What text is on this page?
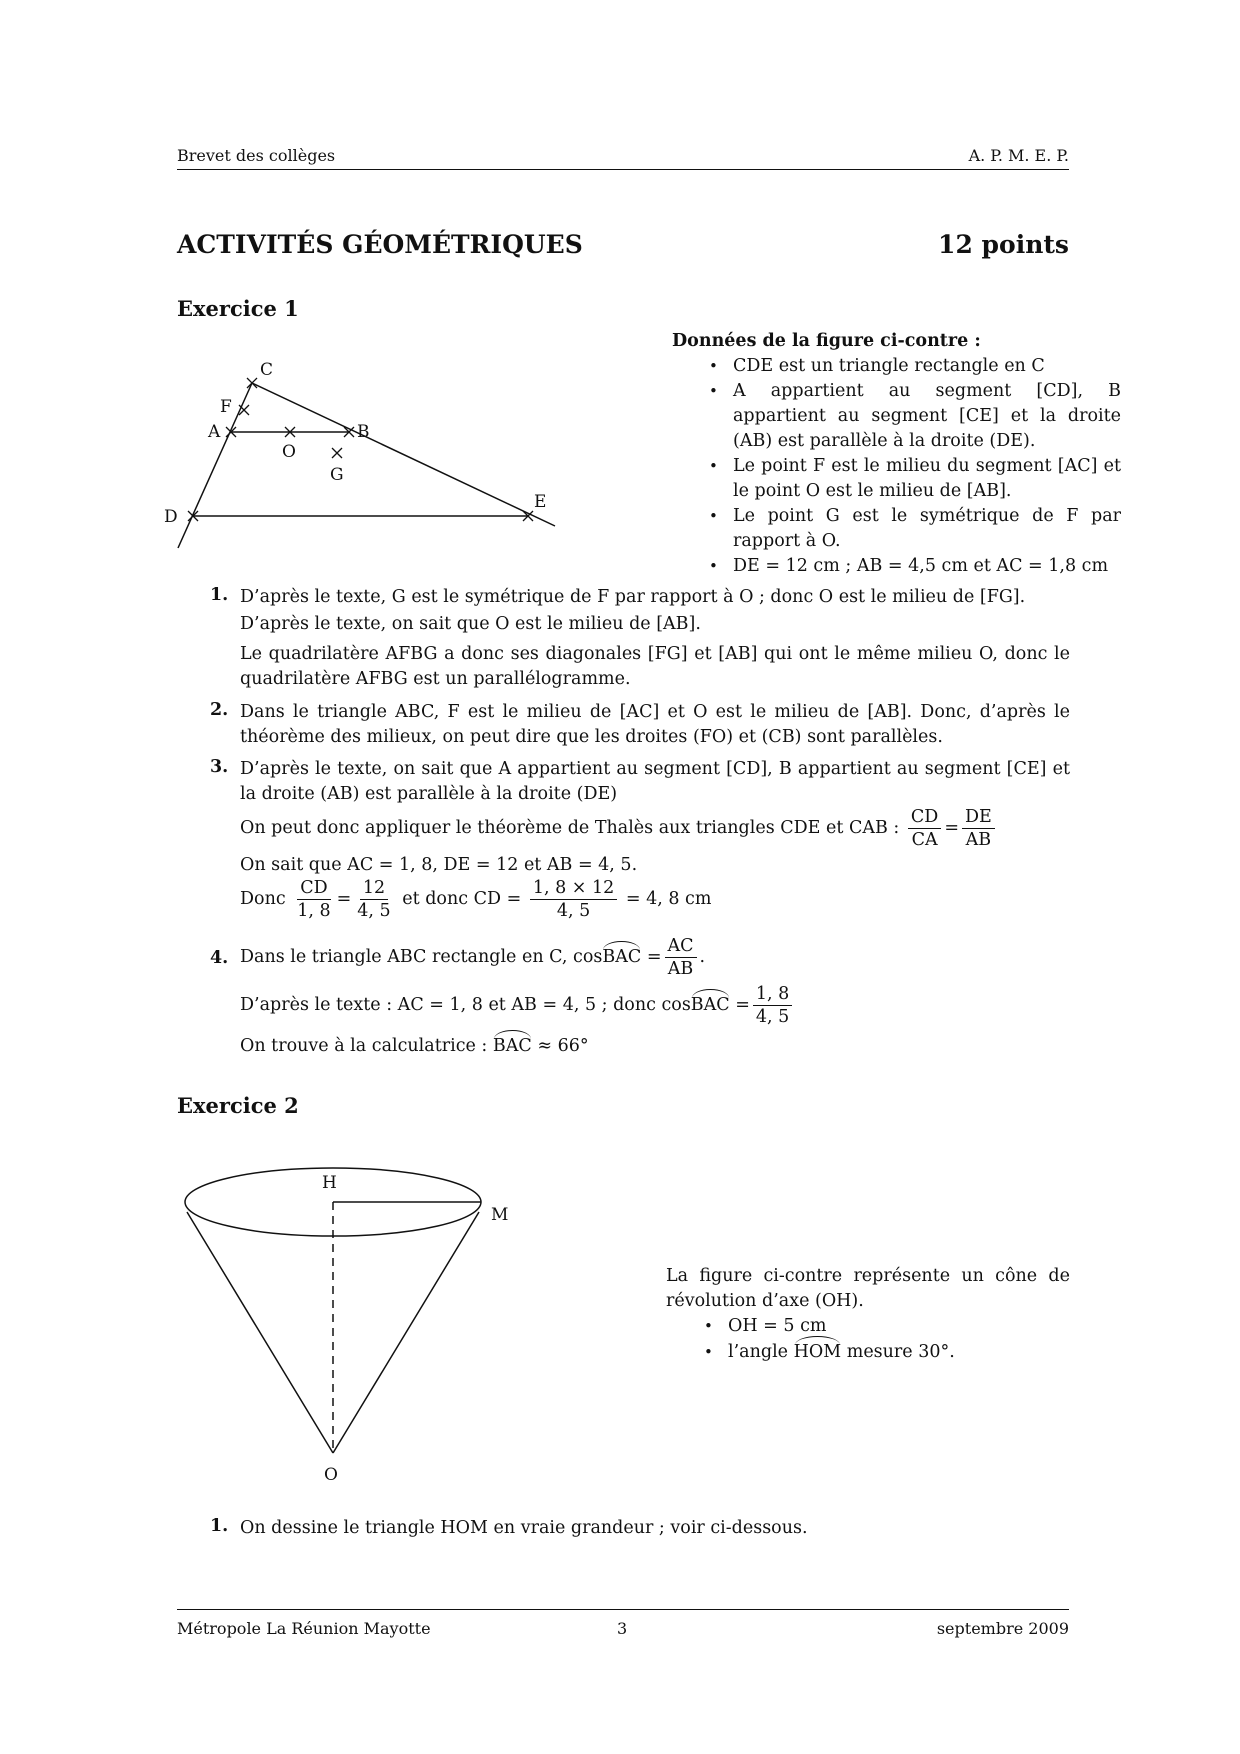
Brevet des collèges	A. P. M. E. P.
ACTIVITÉS GÉOMÉTRIQUES	12 points
Exercice 1
C
F
A
O
B
G
E
D
Données de la figure ci-contre :
• CDE est un triangle rectangle en C
• A appartient au segment [CD], B appartient au segment [CE] et la droite (AB) est parallèle à la droite (DE).
• Le point F est le milieu du segment [AC] et le point O est le milieu de [AB].
• Le point G est le symétrique de F par rapport à O.
• DE = 12 cm ; AB = 4,5 cm et AC = 1,8 cm
1. D’après le texte, G est le symétrique de F par rapport à O ; donc O est le milieu de [FG].
D’après le texte, on sait que O est le milieu de [AB].
Le quadrilatère AFBG a donc ses diagonales [FG] et [AB] qui ont le même milieu O, donc le quadrilatère AFBG est un parallélogramme.
2. Dans le triangle ABC, F est le milieu de [AC] et O est le milieu de [AB]. Donc, d’après le théorème des milieux, on peut dire que les droites (FO) et (CB) sont parallèles.
3. D’après le texte, on sait que A appartient au segment [CD], B appartient au segment [CE] et la droite (AB) est parallèle à la droite (DE)
On peut donc appliquer le théorème de Thalès aux triangles CDE et CAB : $\frac{CD}{CA} = \frac{DE}{AB}$
On sait que AC = 1, 8, DE = 12 et AB = 4, 5.
Donc $\frac{CD}{1, 8} = \frac{12}{4, 5}$ et donc CD = $\frac{1, 8 \times 12}{4, 5} = 4$, 8 cm
4. Dans le triangle ABC rectangle en C, cosBAC = $\frac{AC}{AB}$ .
D’après le texte : AC = 1, 8 et AB = 4, 5 ; donc cosBAC = $\frac{1, 8}{4, 5}$
On trouve à la calculatrice : BAC ≈ 66°
Exercice 2
H
M
O
La figure ci-contre représente un cône de révolution d’axe (OH).
• OH = 5 cm
• l’angle HOM mesure 30°.
1. On dessine le triangle HOM en vraie grandeur ; voir ci-dessous.
Métropole La Réunion Mayotte	3	septembre 2009
